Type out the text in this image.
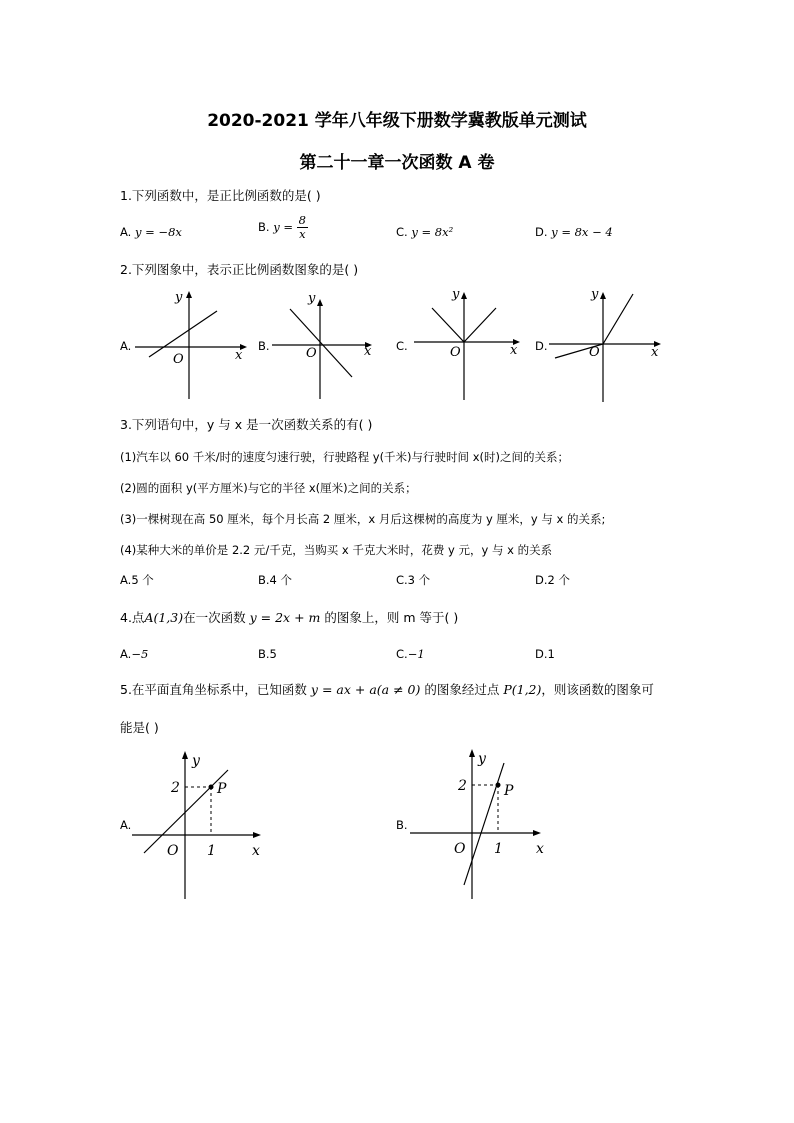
2020-2021 学年八年级下册数学冀教版单元测试
第二十一章一次函数 A 卷
1.下列函数中，是正比例函数的是( )
A. y = −8x	B. $y = \frac{8}{x}$	C. y = 8x²	D. y = 8x − 4
2.下列图象中，表示正比例函数图象的是( )
A.
y
x
O
B.
y
x
O	C.
y
x
O	D.
y
x
O
3.下列语句中，y 与 x 是一次函数关系的有( )
(1)汽车以 60 千米/时的速度匀速行驶，行驶路程 y(千米)与行驶时间 x(时)之间的关系；
(2)圆的面积 y(平方厘米)与它的半径 x(厘米)之间的关系；
(3)一棵树现在高 50 厘米，每个月长高 2 厘米，x 月后这棵树的高度为 y 厘米，y 与 x 的关系;
(4)某种大米的单价是 2.2 元/千克，当购买 x 千克大米时，花费 y 元，y 与 x 的关系
A.5 个	B.4 个	C.3 个	D.2 个
4.点A(1,3)在一次函数 y = 2x + m 的图象上，则 m 等于( )
A.−5	B.5	C.−1	D.1
5.在平面直角坐标系中，已知函数 y = ax + a(a ≠ 0) 的图象经过点 P(1,2)，则该函数的图象可
能是( )
A.
y
x
O
P
2
1
B.
y
x
O
P
2
1
